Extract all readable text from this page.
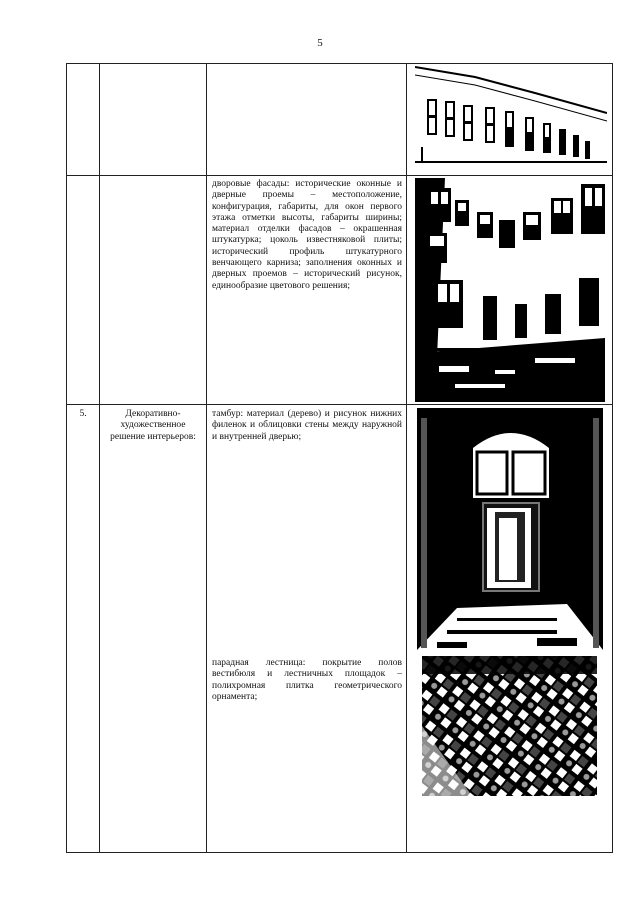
5
дворовые фасады: исторические оконные и дверные проемы – местоположение, конфигурация, габариты, для окон первого этажа отметки высоты, габариты ширины; материал отделки фасадов – окрашенная штукатурка; цоколь известняковой плиты; исторический профиль штукатурного венчающего карниза; заполнения оконных и дверных проемов – исторический рисунок, единообразие цветового решения;
5.	Декоративно-художественное решение интерьеров:
тамбур: материал (дерево) и рисунок нижних филенок и облицовки стены между наружной и внутренней дверью;
парадная лестница: покрытие полов вестибюля и лестничных площадок – полихромная плитка геометрического орнамента;
